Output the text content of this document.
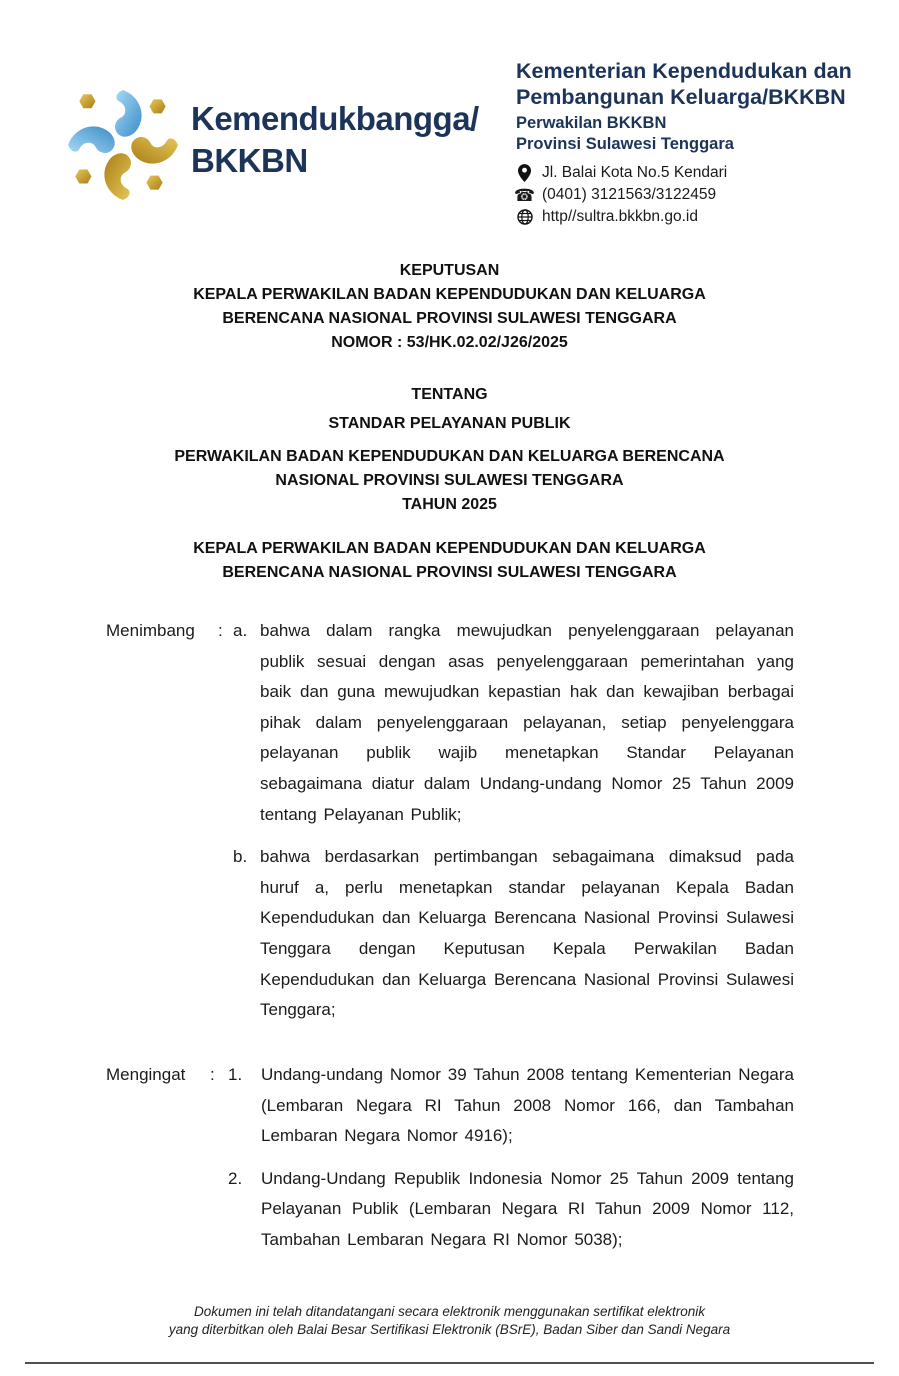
Kemendukbangga/
BKKBN
Kementerian Kependudukan dan
Pembangunan Keluarga/BKKBN
Perwakilan BKKBN
Provinsi Sulawesi Tenggara
Jl. Balai Kota No.5 Kendari
☎ (0401) 3121563/3122459
http//sultra.bkkbn.go.id
KEPUTUSAN
KEPALA PERWAKILAN BADAN KEPENDUDUKAN DAN KELUARGA
BERENCANA NASIONAL PROVINSI SULAWESI TENGGARA
NOMOR : 53/HK.02.02/J26/2025
TENTANG
STANDAR PELAYANAN PUBLIK
PERWAKILAN BADAN KEPENDUDUKAN DAN KELUARGA BERENCANA
NASIONAL PROVINSI SULAWESI TENGGARA
TAHUN 2025
KEPALA PERWAKILAN BADAN KEPENDUDUKAN DAN KELUARGA
BERENCANA NASIONAL PROVINSI SULAWESI TENGGARA
Menimbang : a. bahwa dalam rangka mewujudkan penyelenggaraan pelayanan publik sesuai dengan asas penyelenggaraan pemerintahan yang baik dan guna mewujudkan kepastian hak dan kewajiban berbagai pihak dalam penyelenggaraan pelayanan, setiap penyelenggara pelayanan publik wajib menetapkan Standar Pelayanan sebagaimana diatur dalam Undang-undang Nomor 25 Tahun 2009 tentang Pelayanan Publik;
b. bahwa berdasarkan pertimbangan sebagaimana dimaksud pada huruf a, perlu menetapkan standar pelayanan Kepala Badan Kependudukan dan Keluarga Berencana Nasional Provinsi Sulawesi Tenggara dengan Keputusan Kepala Perwakilan Badan Kependudukan dan Keluarga Berencana Nasional Provinsi Sulawesi Tenggara;
Mengingat : 1. Undang-undang Nomor 39 Tahun 2008 tentang Kementerian Negara (Lembaran Negara RI Tahun 2008 Nomor 166, dan Tambahan Lembaran Negara Nomor 4916);
2. Undang-Undang Republik Indonesia Nomor 25 Tahun 2009 tentang Pelayanan Publik (Lembaran Negara RI Tahun 2009 Nomor 112, Tambahan Lembaran Negara RI Nomor 5038);
Dokumen ini telah ditandatangani secara elektronik menggunakan sertifikat elektronik
yang diterbitkan oleh Balai Besar Sertifikasi Elektronik (BSrE), Badan Siber dan Sandi Negara
